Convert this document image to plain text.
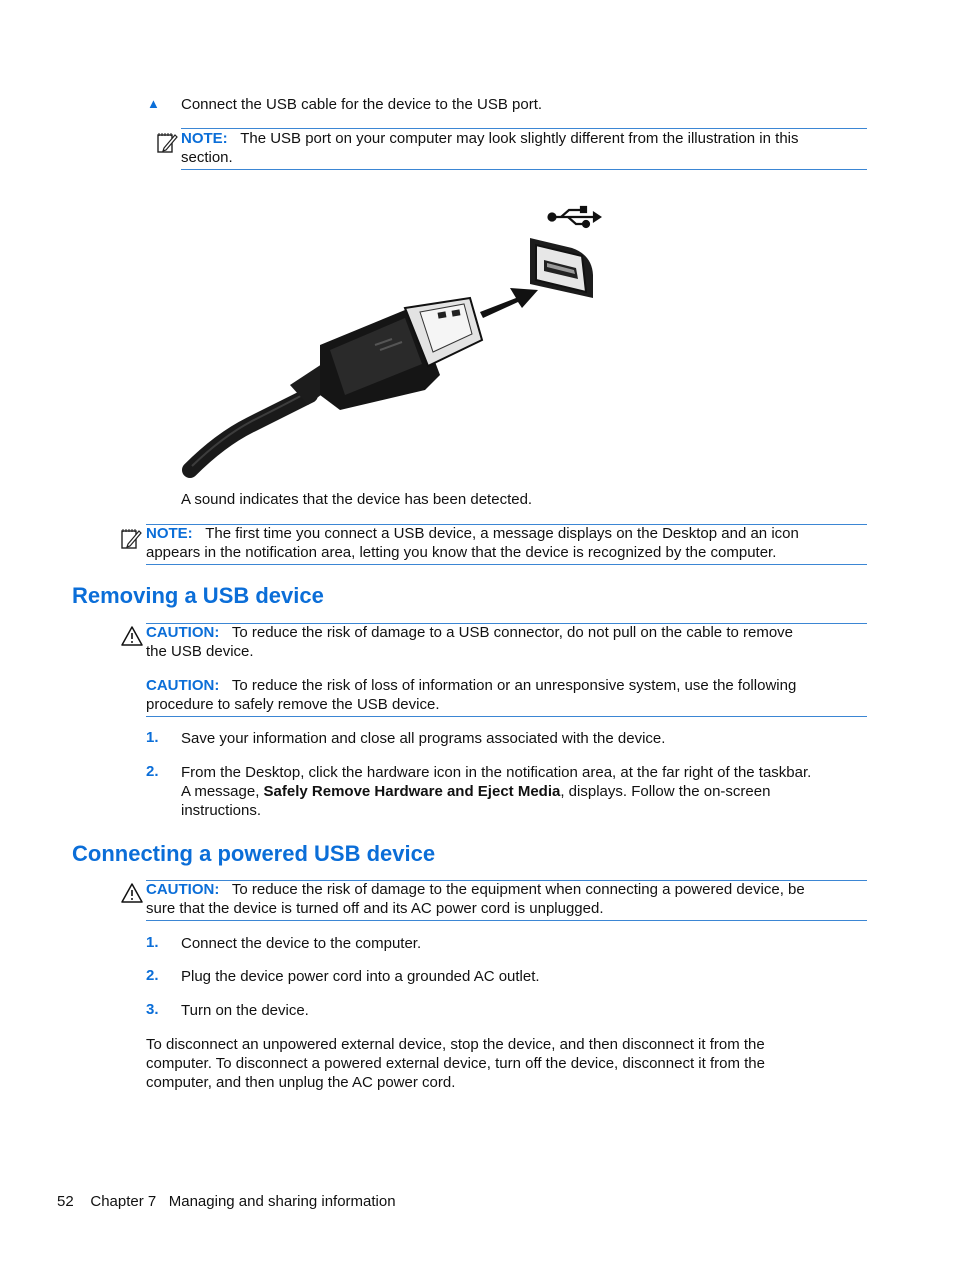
▲ Connect the USB cable for the device to the USB port.
NOTE: The USB port on your computer may look slightly different from the illustration in this
section.
A sound indicates that the device has been detected.
NOTE: The first time you connect a USB device, a message displays on the Desktop and an icon
appears in the notification area, letting you know that the device is recognized by the computer.
Removing a USB device
CAUTION: To reduce the risk of damage to a USB connector, do not pull on the cable to remove
the USB device.
CAUTION: To reduce the risk of loss of information or an unresponsive system, use the following
procedure to safely remove the USB device.
1. Save your information and close all programs associated with the device.
2. From the Desktop, click the hardware icon in the notification area, at the far right of the taskbar.
A message, Safely Remove Hardware and Eject Media, displays. Follow the on-screen
instructions.
Connecting a powered USB device
CAUTION: To reduce the risk of damage to the equipment when connecting a powered device, be
sure that the device is turned off and its AC power cord is unplugged.
1. Connect the device to the computer.
2. Plug the device power cord into a grounded AC outlet.
3. Turn on the device.
To disconnect an unpowered external device, stop the device, and then disconnect it from the
computer. To disconnect a powered external device, turn off the device, disconnect it from the
computer, and then unplug the AC power cord.
52 Chapter 7 Managing and sharing information
